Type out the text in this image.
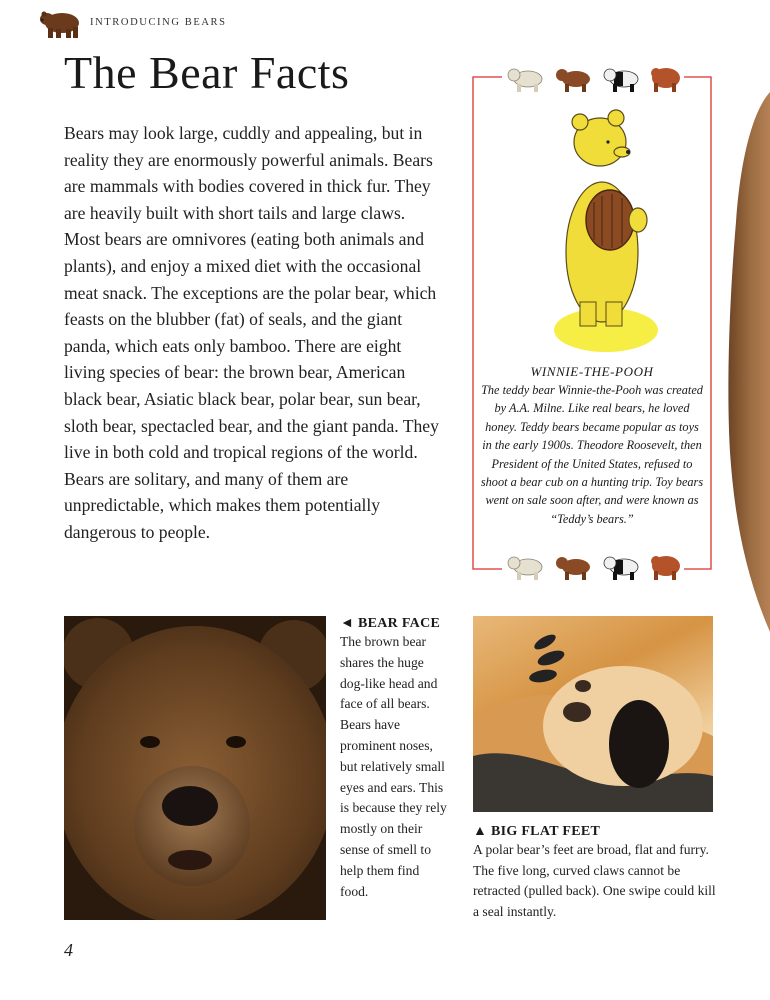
INTRODUCING BEARS
The Bear Facts

Bears may look large, cuddly and appealing, but in reality they are enormously powerful animals. Bears are mammals with bodies covered in thick fur. They are heavily built with short tails and large claws. Most bears are omnivores (eating both animals and plants), and enjoy a mixed diet with the occasional meat snack. The exceptions are the polar bear, which feasts on the blubber (fat) of seals, and the giant panda, which eats only bamboo. There are eight living species of bear: the brown bear, American black bear, Asiatic black bear, polar bear, sun bear, sloth bear, spectacled bear, and the giant panda. They live in both cold and tropical regions of the world. Bears are solitary, and many of them are unpredictable, which makes them potentially dangerous to people.

WINNIE-THE-POOH
The teddy bear Winnie-the-Pooh was created by A.A. Milne. Like real bears, he loved honey. Teddy bears became popular as toys in the early 1900s. Theodore Roosevelt, then President of the United States, refused to shoot a bear cub on a hunting trip. Toy bears went on sale soon after, and were known as “Teddy’s bears.”
◄ BEAR FACE
The brown bear shares the huge dog-like head and face of all bears. Bears have prominent noses, but relatively small eyes and ears. This is because they rely mostly on their sense of smell to help them find food.
▲ BIG FLAT FEET
A polar bear’s feet are broad, flat and furry. The five long, curved claws cannot be retracted (pulled back). One swipe could kill a seal instantly.
4
